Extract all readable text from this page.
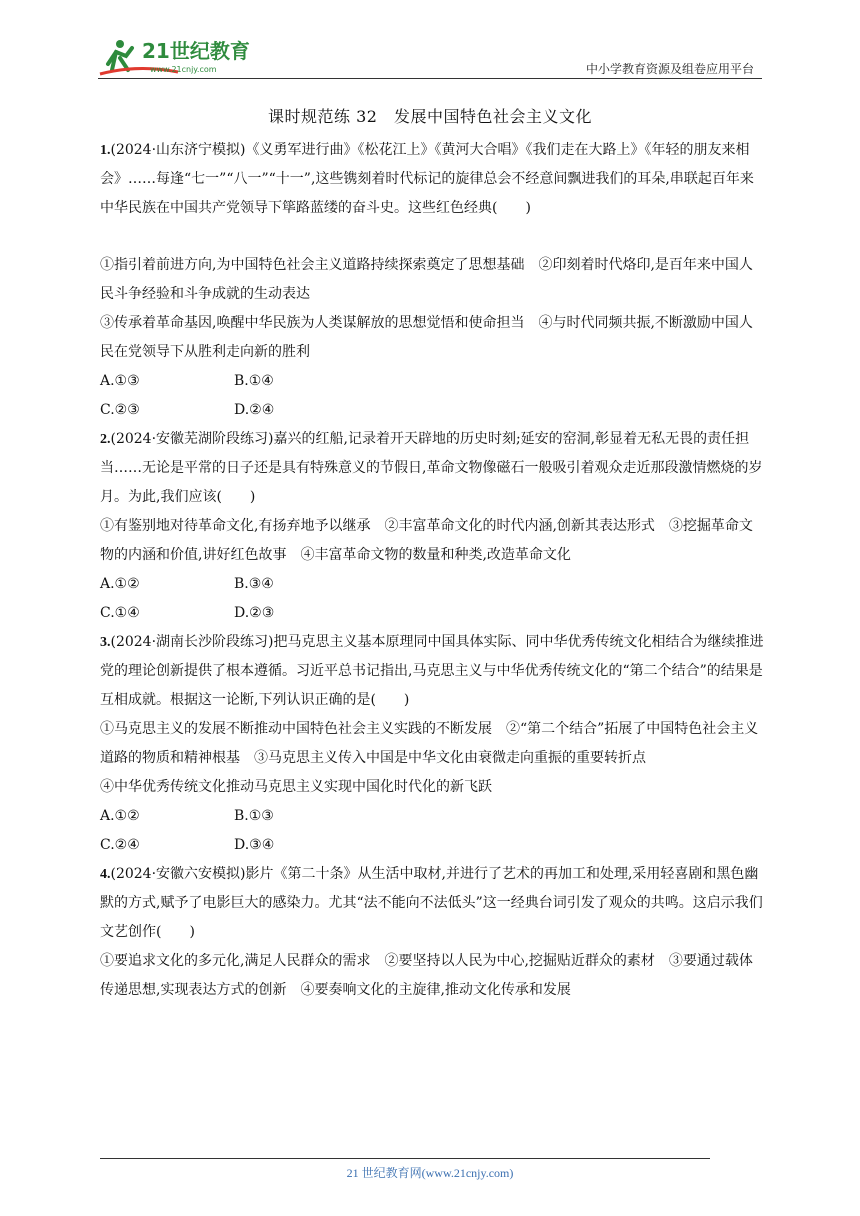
21世纪教育
www.21cnjy.com	中小学教育资源及组卷应用平台
课时规范练 32　发展中国特色社会主义文化

1.(2024·山东济宁模拟)《义勇军进行曲》《松花江上》《黄河大合唱》《我们走在大路上》《年轻的朋友来相会》……每逢“七一”“八一”“十一”,这些镌刻着时代标记的旋律总会不经意间飘进我们的耳朵,串联起百年来中华民族在中国共产党领导下筚路蓝缕的奋斗史。这些红色经典(　　)

①指引着前进方向,为中国特色社会主义道路持续探索奠定了思想基础　②印刻着时代烙印,是百年来中国人民斗争经验和斗争成就的生动表达

③传承着革命基因,唤醒中华民族为人类谋解放的思想觉悟和使命担当　④与时代同频共振,不断激励中国人民在党领导下从胜利走向新的胜利

A.①③	B.①④
C.②③	D.②④

2.(2024·安徽芜湖阶段练习)嘉兴的红船,记录着开天辟地的历史时刻;延安的窑洞,彰显着无私无畏的责任担当……无论是平常的日子还是具有特殊意义的节假日,革命文物像磁石一般吸引着观众走近那段激情燃烧的岁月。为此,我们应该(　　)

①有鉴别地对待革命文化,有扬弃地予以继承　②丰富革命文化的时代内涵,创新其表达形式　③挖掘革命文物的内涵和价值,讲好红色故事　④丰富革命文物的数量和种类,改造革命文化

A.①②	B.③④
C.①④	D.②③

3.(2024·湖南长沙阶段练习)把马克思主义基本原理同中国具体实际、同中华优秀传统文化相结合为继续推进党的理论创新提供了根本遵循。习近平总书记指出,马克思主义与中华优秀传统文化的“第二个结合”的结果是互相成就。根据这一论断,下列认识正确的是(　　)

①马克思主义的发展不断推动中国特色社会主义实践的不断发展　②“第二个结合”拓展了中国特色社会主义道路的物质和精神根基　③马克思主义传入中国是中华文化由衰微走向重振的重要转折点

④中华优秀传统文化推动马克思主义实现中国化时代化的新飞跃

A.①②	B.①③
C.②④	D.③④

4.(2024·安徽六安模拟)影片《第二十条》从生活中取材,并进行了艺术的再加工和处理,采用轻喜剧和黑色幽默的方式,赋予了电影巨大的感染力。尤其“法不能向不法低头”这一经典台词引发了观众的共鸣。这启示我们文艺创作(　　)

①要追求文化的多元化,满足人民群众的需求　②要坚持以人民为中心,挖掘贴近群众的素材　③要通过载体传递思想,实现表达方式的创新　④要奏响文化的主旋律,推动文化传承和发展

21 世纪教育网(www.21cnjy.com)
